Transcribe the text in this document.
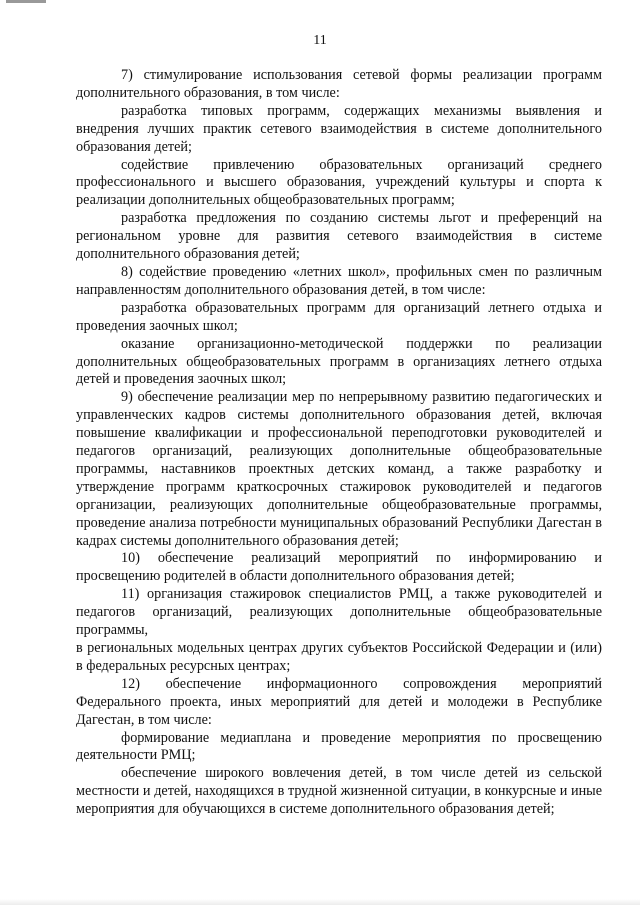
11

7) стимулирование использования сетевой формы реализации программ дополнительного образования, в том числе:

разработка типовых программ, содержащих механизмы выявления и внедрения лучших практик сетевого взаимодействия в системе дополнительного образования детей;

содействие привлечению образовательных организаций среднего профессионального и высшего образования, учреждений культуры и спорта к реализации дополнительных общеобразовательных программ;

разработка предложения по созданию системы льгот и преференций на региональном уровне для развития сетевого взаимодействия в системе дополнительного образования детей;

8) содействие проведению «летних школ», профильных смен по различным направленностям дополнительного образования детей, в том числе:

разработка образовательных программ для организаций летнего отдыха и проведения заочных школ;

оказание организационно-методической поддержки по реализации дополнительных общеобразовательных программ в организациях летнего отдыха детей и проведения заочных школ;

9) обеспечение реализации мер по непрерывному развитию педагогических и управленческих кадров системы дополнительного образования детей, включая повышение квалификации и профессиональной переподготовки руководителей и педагогов организаций, реализующих дополнительные общеобразовательные программы, наставников проектных детских команд, а также разработку и утверждение программ краткосрочных стажировок руководителей и педагогов организации, реализующих дополнительные общеобразовательные программы, проведение анализа потребности муниципальных образований Республики Дагестан в кадрах системы дополнительного образования детей;

10) обеспечение реализаций мероприятий по информированию и просвещению родителей в области дополнительного образования детей;

11) организация стажировок специалистов РМЦ, а также руководителей и педагогов организаций, реализующих дополнительные общеобразовательные программы,

в региональных модельных центрах других субъектов Российской Федерации и (или) в федеральных ресурсных центрах;

12) обеспечение информационного сопровождения мероприятий Федерального проекта, иных мероприятий для детей и молодежи в Республике Дагестан, в том числе:

формирование медиаплана и проведение мероприятия по просвещению деятельности РМЦ;

обеспечение широкого вовлечения детей, в том числе детей из сельской местности и детей, находящихся в трудной жизненной ситуации, в конкурсные и иные мероприятия для обучающихся в системе дополнительного образования детей;
